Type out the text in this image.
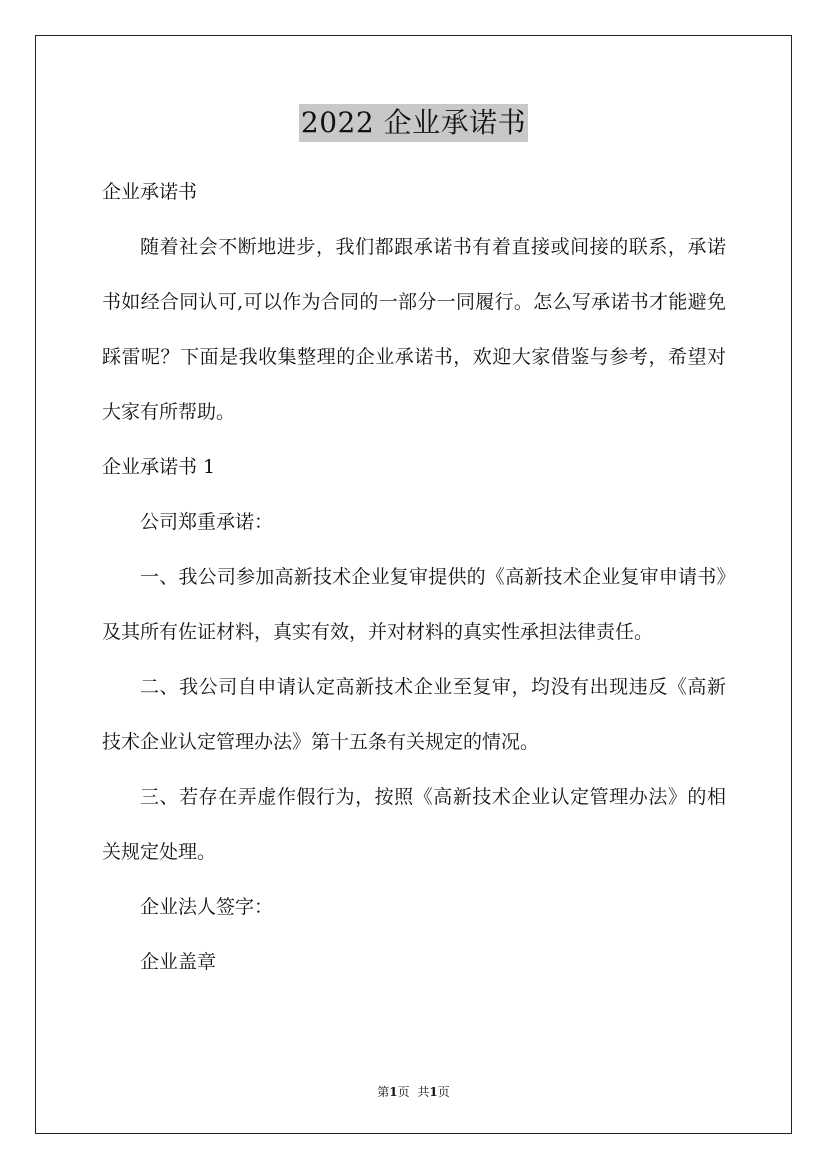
2022 企业承诺书

企业承诺书

随着社会不断地进步，我们都跟承诺书有着直接或间接的联系，承诺书如经合同认可,可以作为合同的一部分一同履行。怎么写承诺书才能避免踩雷呢？下面是我收集整理的企业承诺书，欢迎大家借鉴与参考，希望对大家有所帮助。

企业承诺书 1

公司郑重承诺：

一、我公司参加高新技术企业复审提供的《高新技术企业复审申请书》及其所有佐证材料，真实有效，并对材料的真实性承担法律责任。

二、我公司自申请认定高新技术企业至复审，均没有出现违反《高新技术企业认定管理办法》第十五条有关规定的情况。

三、若存在弄虚作假行为，按照《高新技术企业认定管理办法》的相关规定处理。

企业法人签字：

企业盖章

第1页 共1页
